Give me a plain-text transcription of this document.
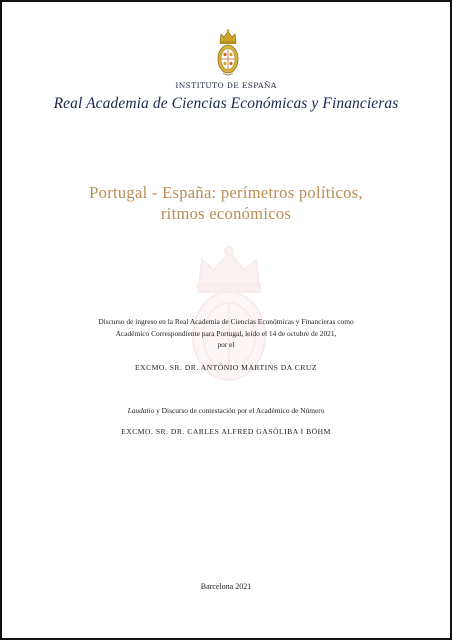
INSTITUTO DE ESPAÑA
Real Academia de Ciencias Económicas y Financieras
Portugal - España: perímetros políticos,
ritmos económicos
Discurso de ingreso en la Real Academia de Ciencias Económicas y Financieras como
Académico Correspondiente para Portugal, leído el 14 de octubre de 2021,
por el
EXCMO. SR. DR. ANTÓNIO MARTINS DA CRUZ
Laudatio y Discurso de contestación por el Académico de Número
EXCMO. SR. DR. CARLES ALFRED GASÒLIBA I BÖHM
Barcelona 2021
